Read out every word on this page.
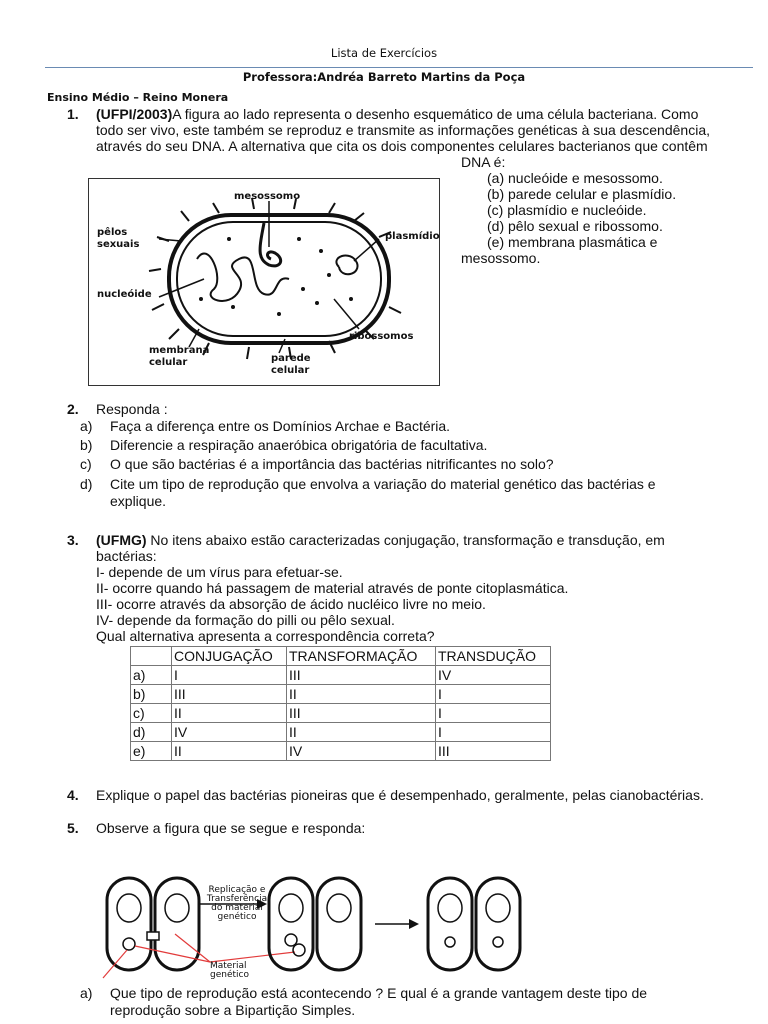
Lista de Exercícios
Professora:Andréa Barreto Martins da Poça
Ensino Médio – Reino Monera
1. (UFPI/2003)A figura ao lado representa o desenho esquemático de uma célula bacteriana. Como
todo ser vivo, este também se reproduz e transmite as informações genéticas à sua descendência,
através do seu DNA. A alternativa que cita os dois componentes celulares bacterianos que contêm
DNA é:
(a) nucleóide e mesossomo.
(b) parede celular e plasmídio.
(c) plasmídio e nucleóide.
(d) pêlo sexual e ribossomo.
(e) membrana plasmática e
mesossomo.
mesossomo
pêlos
sexuais
plasmídio
nucleóide
ribossomos
membrana
celular	parede
celular
2. Responda :
a) Faça a diferença entre os Domínios Archae e Bactéria.
b) Diferencie a respiração anaeróbica obrigatória de facultativa.
c) O que são bactérias é a importância das bactérias nitrificantes no solo?
d) Cite um tipo de reprodução que envolva a variação do material genético das bactérias e
explique.
3. (UFMG) No itens abaixo estão caracterizadas conjugação, transformação e transdução, em
bactérias:
I- depende de um vírus para efetuar-se.
II- ocorre quando há passagem de material através de ponte citoplasmática.
III- ocorre através da absorção de ácido nucléico livre no meio.
IV- depende da formação do pilli ou pêlo sexual.
Qual alternativa apresenta a correspondência correta?
	CONJUGAÇÃO	TRANSFORMAÇÃO	TRANSDUÇÃO
a)	I	III	IV
b)	III	II	I
c)	II	III	I
d)	IV	II	I
e)	II	IV	III
4. Explique o papel das bactérias pioneiras que é desempenhado, geralmente, pelas cianobactérias.
5. Observe a figura que se segue e responda:
Replicação e
Transferência
do material
genético
Material
genético
a) Que tipo de reprodução está acontecendo ? E qual é a grande vantagem deste tipo de
reprodução sobre a Bipartição Simples.
